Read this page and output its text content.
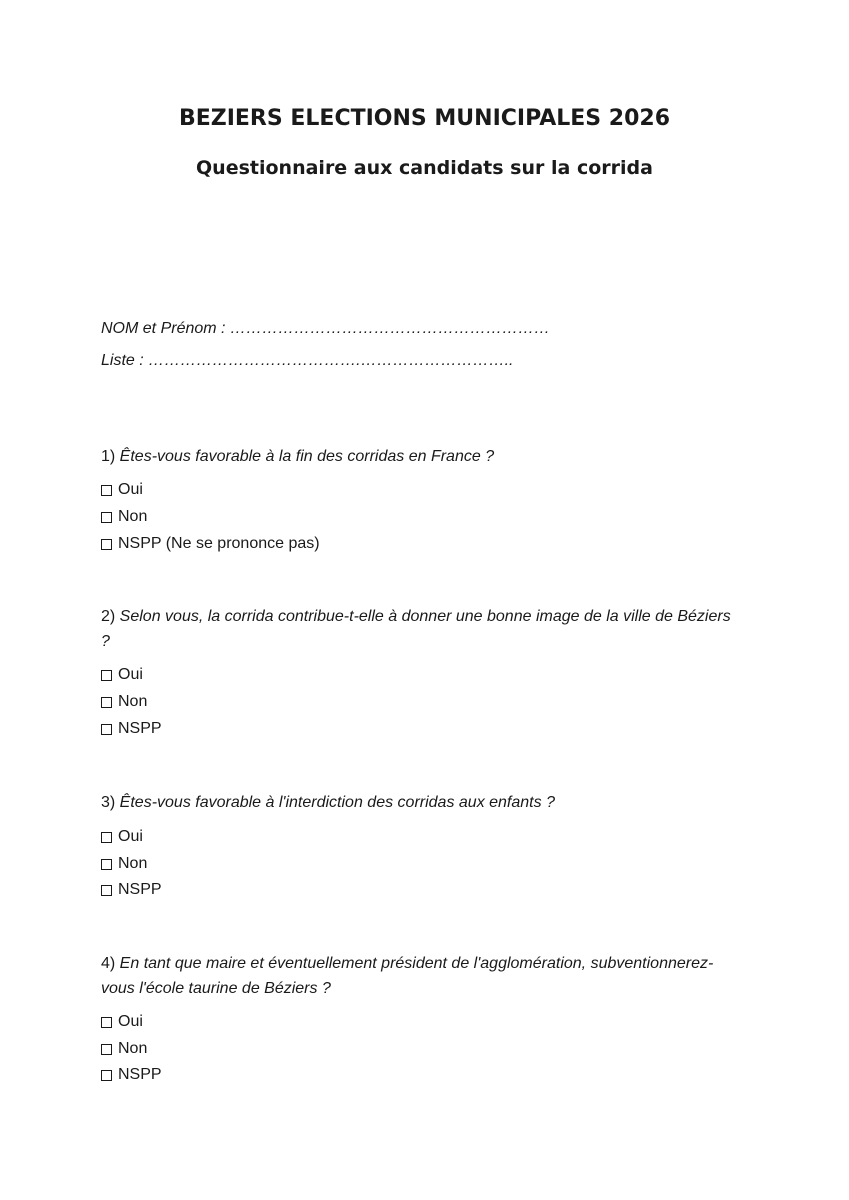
BEZIERS ELECTIONS MUNICIPALES 2026
Questionnaire aux candidats sur la corrida
NOM et Prénom : ……………………………………………………
Liste : ………………………………….………………………..
1) Êtes-vous favorable à la fin des corridas en France ?
Oui
Non
NSPP (Ne se prononce pas)
2) Selon vous, la corrida contribue-t-elle à donner une bonne image de la ville de Béziers ?
Oui
Non
NSPP
3) Êtes-vous favorable à l'interdiction des corridas aux enfants ?
Oui
Non
NSPP
4) En tant que maire et éventuellement président de l'agglomération, subventionnerez-vous l'école taurine de Béziers ?
Oui
Non
NSPP
